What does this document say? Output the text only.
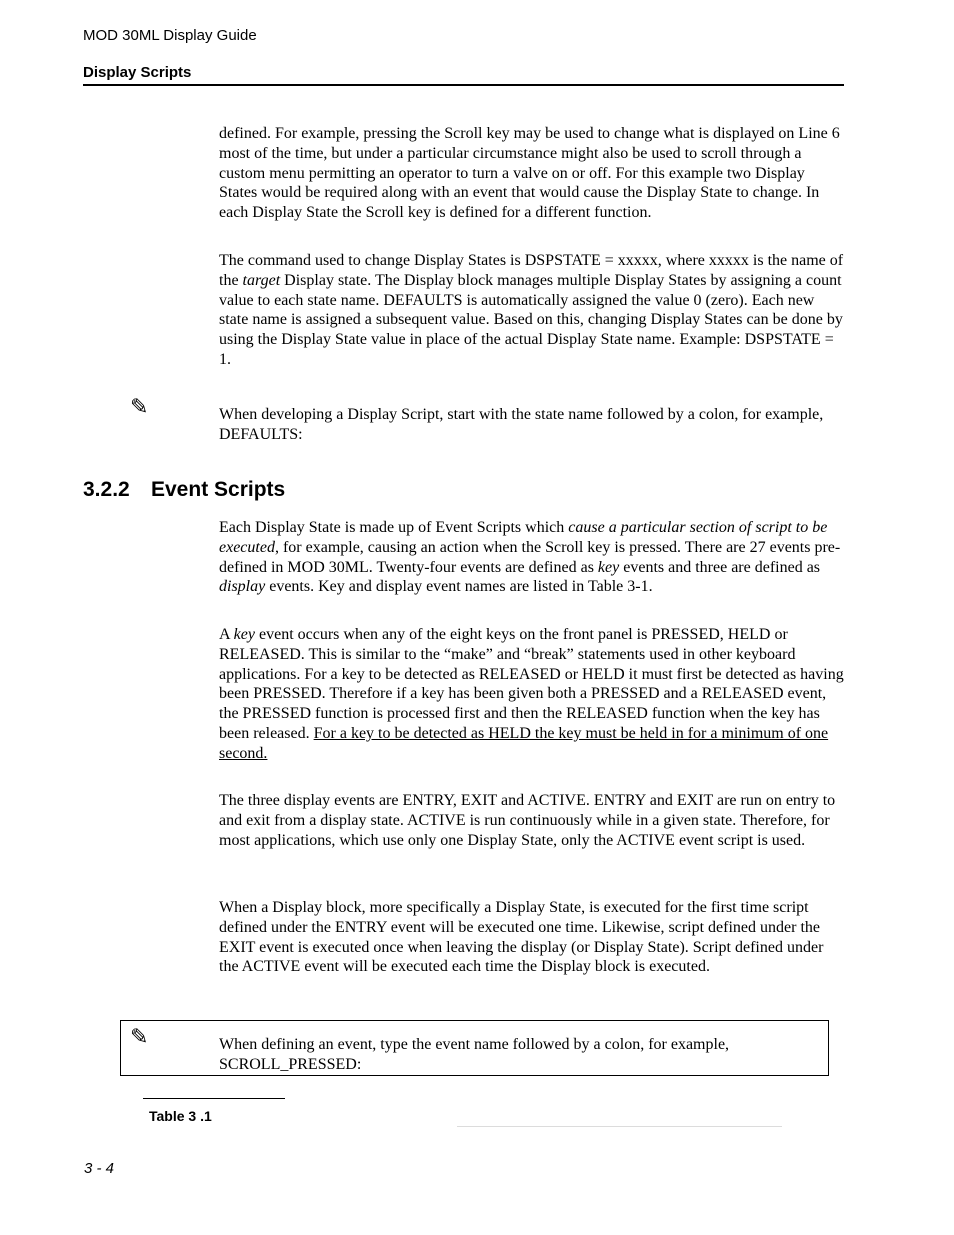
MOD 30ML Display Guide
Display Scripts

defined. For example, pressing the Scroll key may be used to change what is displayed on Line 6 most of the time, but under a particular circumstance might also be used to scroll through a custom menu permitting an operator to turn a valve on or off. For this example two Display States would be required along with an event that would cause the Display State to change. In each Display State the Scroll key is defined for a different function.

The command used to change Display States is DSPSTATE = xxxxx, where xxxxx is the name of the target Display state. The Display block manages multiple Display States by assigning a count value to each state name. DEFAULTS is automatically assigned the value 0 (zero). Each new state name is assigned a subsequent value. Based on this, changing Display States can be done by using the Display State value in place of the actual Display State name. Example: DSPSTATE = 1.

✎	When developing a Display Script, start with the state name followed by a colon, for example, DEFAULTS:

3.2.2 Event Scripts

Each Display State is made up of Event Scripts which cause a particular section of script to be executed, for example, causing an action when the Scroll key is pressed. There are 27 events pre-defined in MOD 30ML. Twenty-four events are defined as key events and three are defined as display events. Key and display event names are listed in Table 3-1.

A key event occurs when any of the eight keys on the front panel is PRESSED, HELD or RELEASED. This is similar to the “make” and “break” statements used in other keyboard applications. For a key to be detected as RELEASED or HELD it must first be detected as having been PRESSED. Therefore if a key has been given both a PRESSED and a RELEASED event, the PRESSED function is processed first and then the RELEASED function when the key has been released. For a key to be detected as HELD the key must be held in for a minimum of one second.

The three display events are ENTRY, EXIT and ACTIVE. ENTRY and EXIT are run on entry to and exit from a display state. ACTIVE is run continuously while in a given state. Therefore, for most applications, which use only one Display State, only the ACTIVE event script is used.

When a Display block, more specifically a Display State, is executed for the first time script defined under the ENTRY event will be executed one time. Likewise, script defined under the EXIT event is executed once when leaving the display (or Display State). Script defined under the ACTIVE event will be executed each time the Display block is executed.

✎	When defining an event, type the event name followed by a colon, for example, SCROLL_PRESSED:

Table 3 .1
3 - 4
